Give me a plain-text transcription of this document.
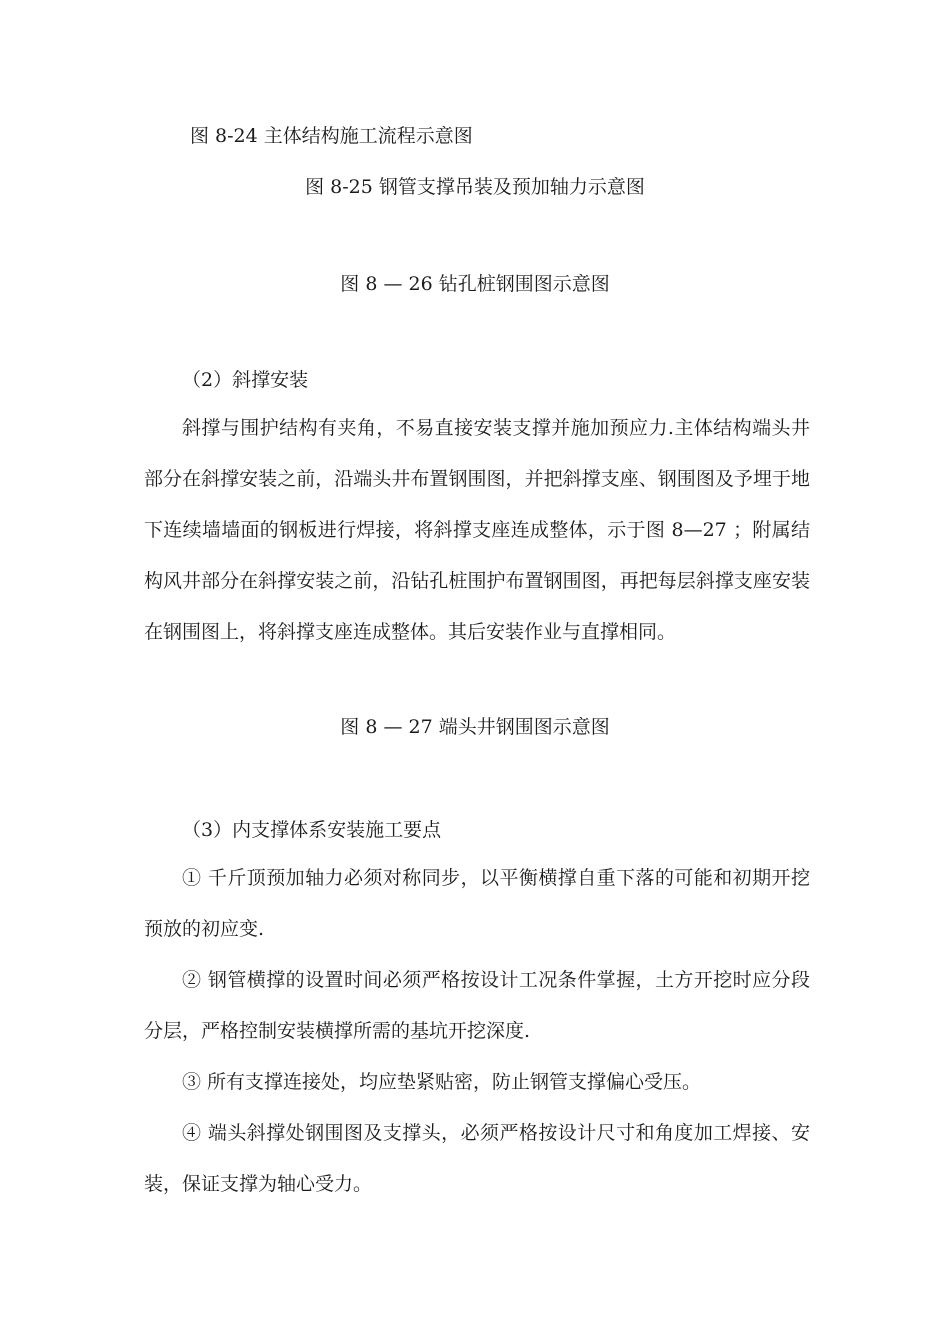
图 8-24 主体结构施工流程示意图
图 8-25 钢管支撑吊装及预加轴力示意图
图 8 — 26 钻孔桩钢围图示意图
（2）斜撑安装

斜撑与围护结构有夹角，不易直接安装支撑并施加预应力.主体结构端头井部分在斜撑安装之前，沿端头井布置钢围图，并把斜撑支座、钢围图及予埋于地下连续墙墙面的钢板进行焊接，将斜撑支座连成整体，示于图 8—27 ；附属结构风井部分在斜撑安装之前，沿钻孔桩围护布置钢围图，再把每层斜撑支座安装在钢围图上，将斜撑支座连成整体。其后安装作业与直撑相同。

图 8 — 27 端头井钢围图示意图
（3）内支撑体系安装施工要点

① 千斤顶预加轴力必须对称同步，以平衡横撑自重下落的可能和初期开挖预放的初应变.

② 钢管横撑的设置时间必须严格按设计工况条件掌握，土方开挖时应分段分层，严格控制安装横撑所需的基坑开挖深度.

③ 所有支撑连接处，均应垫紧贴密，防止钢管支撑偏心受压。

④ 端头斜撑处钢围图及支撑头，必须严格按设计尺寸和角度加工焊接、安装，保证支撑为轴心受力。
